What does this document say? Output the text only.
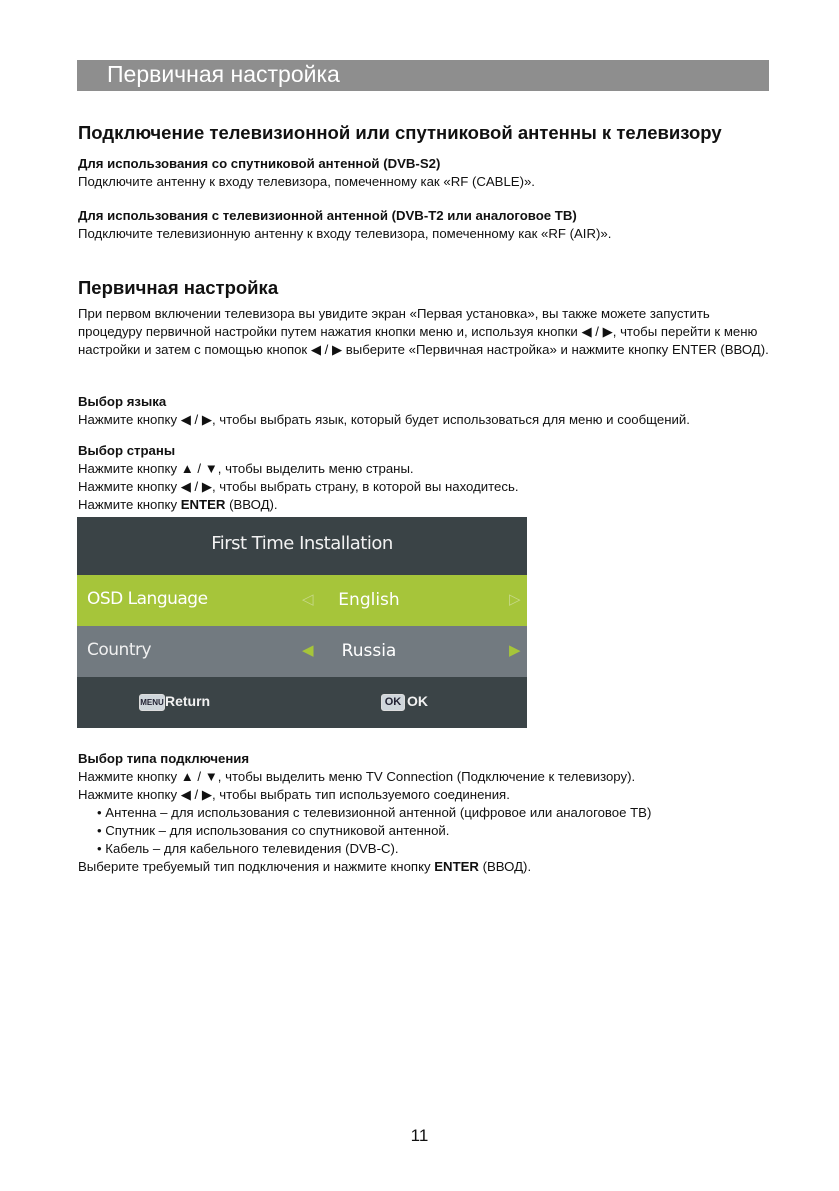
Первичная настройка
Подключение телевизионной или спутниковой антенны к телевизору

Для использования со спутниковой антенной (DVB-S2)

Подключите антенну к входу телевизора, помеченному как «RF (CABLE)».

Для использования с телевизионной антенной (DVB-T2 или аналоговое ТВ)

Подключите телевизионную антенну к входу телевизора, помеченному как «RF (AIR)».

Первичная настройка

При первом включении телевизора вы увидите экран «Первая установка», вы также можете запустить процедуру первичной настройки путем нажатия кнопки меню и, используя кнопки ◀ / ▶, чтобы перейти к меню настройки и затем с помощью кнопок ◀ / ▶ выберите «Первичная настройка» и нажмите кнопку ENTER (ВВОД).

Выбор языка

Нажмите кнопку ◀ / ▶, чтобы выбрать язык, который будет использоваться для меню и сообщений.

Выбор страны

Нажмите кнопку ▲ / ▼, чтобы выделить меню страны.

Нажмите кнопку ◀ / ▶, чтобы выбрать страну, в которой вы находитесь.

Нажмите кнопку ENTER (ВВОД).

First Time Installation
OSD Language	◁	English	▷
Country	◀	Russia	▶
MENU Return	OK OK

Выбор типа подключения

Нажмите кнопку ▲ / ▼, чтобы выделить меню TV Connection (Подключение к телевизору).

Нажмите кнопку ◀ / ▶, чтобы выбрать тип используемого соединения.

• Антенна – для использования с телевизионной антенной (цифровое или аналоговое ТВ)

• Спутник – для использования со спутниковой антенной.

• Кабель – для кабельного телевидения (DVB-C).

Выберите требуемый тип подключения и нажмите кнопку ENTER (ВВОД).

11
